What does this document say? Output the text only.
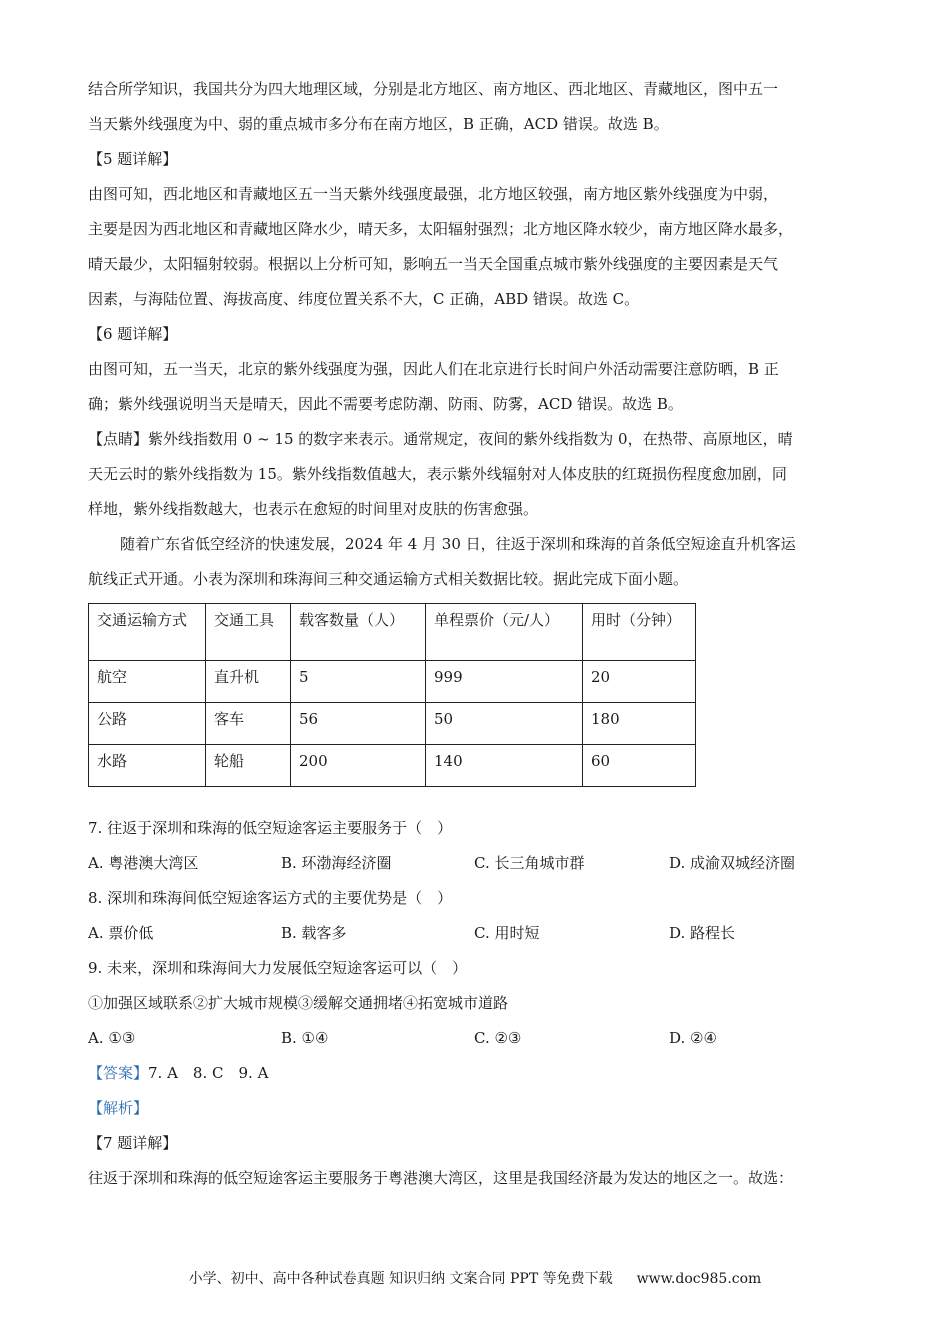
结合所学知识，我国共分为四大地理区域，分别是北方地区、南方地区、西北地区、青藏地区，图中五一

当天紫外线强度为中、弱的重点城市多分布在南方地区，B 正确，ACD 错误。故选 B。

【5 题详解】

由图可知，西北地区和青藏地区五一当天紫外线强度最强，北方地区较强，南方地区紫外线强度为中弱，

主要是因为西北地区和青藏地区降水少，晴天多，太阳辐射强烈；北方地区降水较少，南方地区降水最多，

晴天最少，太阳辐射较弱。根据以上分析可知，影响五一当天全国重点城市紫外线强度的主要因素是天气

因素，与海陆位置、海拔高度、纬度位置关系不大，C 正确，ABD 错误。故选 C。

【6 题详解】

由图可知，五一当天，北京的紫外线强度为强，因此人们在北京进行长时间户外活动需要注意防晒，B 正

确；紫外线强说明当天是晴天，因此不需要考虑防潮、防雨、防雾，ACD 错误。故选 B。

【点睛】紫外线指数用 0 ~ 15 的数字来表示。通常规定，夜间的紫外线指数为 0，在热带、高原地区，晴

天无云时的紫外线指数为 15。紫外线指数值越大，表示紫外线辐射对人体皮肤的红斑损伤程度愈加剧，同

样地，紫外线指数越大，也表示在愈短的时间里对皮肤的伤害愈强。

随着广东省低空经济的快速发展，2024 年 4 月 30 日，往返于深圳和珠海的首条低空短途直升机客运

航线正式开通。小表为深圳和珠海间三种交通运输方式相关数据比较。据此完成下面小题。

交通运输方式	交通工具	载客数量（人）	单程票价（元/人）	用时（分钟）
航空	直升机	5	999	20
公路	客车	56	50	180
水路	轮船	200	140	60

7. 往返于深圳和珠海的低空短途客运主要服务于（　）

A. 粤港澳大湾区	B. 环渤海经济圈	C. 长三角城市群	D. 成渝双城经济圈

8. 深圳和珠海间低空短途客运方式的主要优势是（　）

A. 票价低	B. 载客多	C. 用时短	D. 路程长

9. 未来，深圳和珠海间大力发展低空短途客运可以（　）

①加强区域联系②扩大城市规模③缓解交通拥堵④拓宽城市道路

A. ①③	B. ①④	C. ②③	D. ②④

【答案】7. A　8. C　9. A

【解析】

【7 题详解】

往返于深圳和珠海的低空短途客运主要服务于粤港澳大湾区，这里是我国经济最为发达的地区之一。故选：

小学、初中、高中各种试卷真题 知识归纳 文案合同 PPT 等免费下载 www.doc985.com
